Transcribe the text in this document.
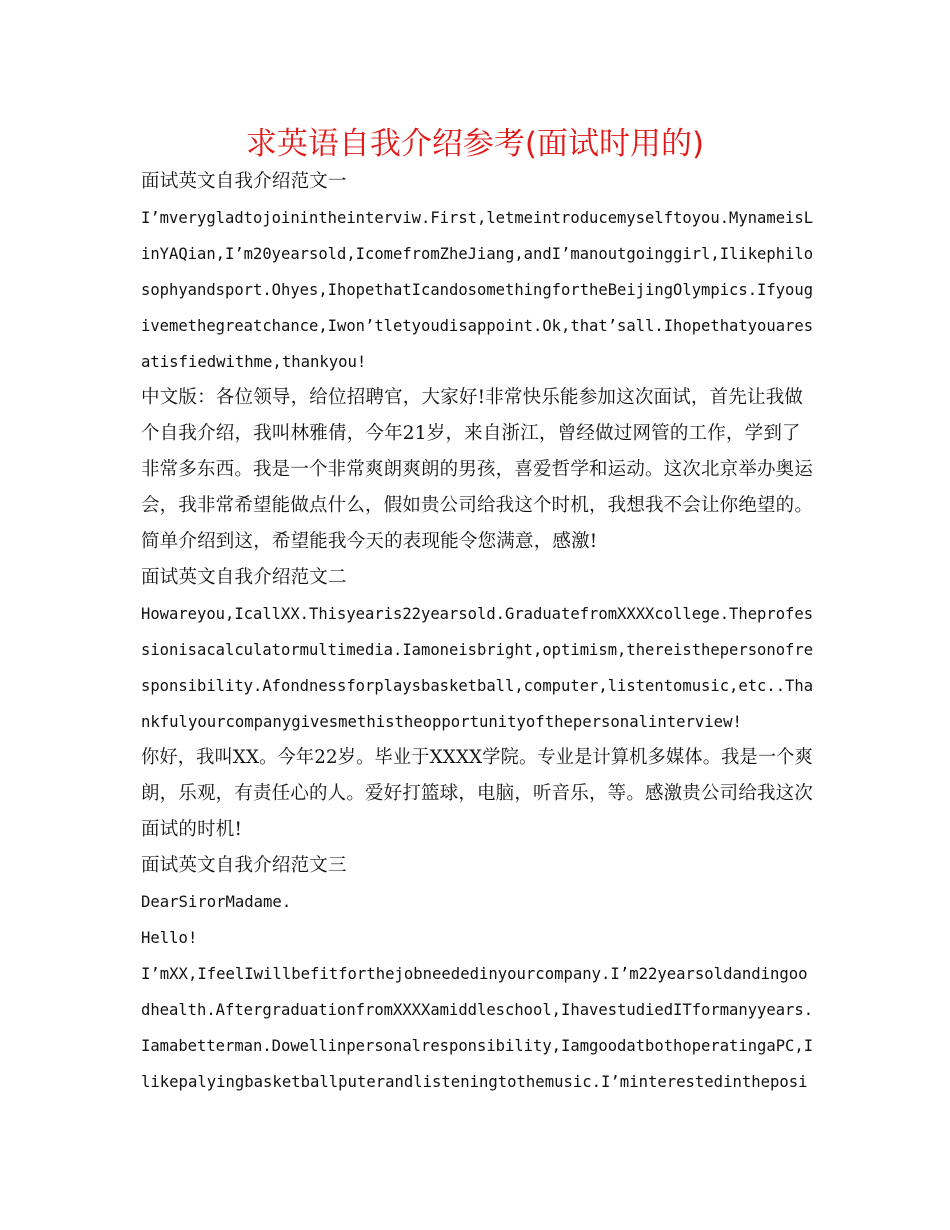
求英语自我介绍参考(面试时用的)
面试英文自我介绍范文一
I’mverygladtojoinintheinterviw.First,letmeintroducemyselftoyou.MynameisL
inYAQian,I’m20yearsold,IcomefromZheJiang,andI’manoutgoinggirl,Ilikephilo
sophyandsport.Ohyes,IhopethatIcandosomethingfortheBeijingOlympics.Ifyoug
ivemethegreatchance,Iwon’tletyoudisappoint.Ok,that’sall.Ihopethatyouares
atisfiedwithme,thankyou!
中文版：各位领导，给位招聘官，大家好!非常快乐能参加这次面试，首先让我做
个自我介绍，我叫林雅倩，今年21岁，来自浙江，曾经做过网管的工作，学到了
非常多东西。我是一个非常爽朗爽朗的男孩，喜爱哲学和运动。这次北京举办奥运
会，我非常希望能做点什么，假如贵公司给我这个时机，我想我不会让你绝望的。
简单介绍到这，希望能我今天的表现能令您满意，感激!
面试英文自我介绍范文二
Howareyou,IcallXX.Thisyearis22yearsold.GraduatefromXXXXcollege.Theprofes
sionisacalculatormultimedia.Iamoneisbright,optimism,thereisthepersonofre
sponsibility.Afondnessforplaysbasketball,computer,listentomusic,etc..Tha
nkfulyourcompanygivesmethistheopportunityofthepersonalinterview!
你好，我叫XX。今年22岁。毕业于XXXX学院。专业是计算机多媒体。我是一个爽
朗，乐观，有责任心的人。爱好打篮球，电脑，听音乐，等。感激贵公司给我这次
面试的时机!
面试英文自我介绍范文三
DearSirorMadame.
Hello!
I’mXX,IfeelIwillbefitforthejobneededinyourcompany.I’m22yearsoldandingoo
dhealth.AftergraduationfromXXXXamiddleschool,IhavestudiedITformanyyears.
Iamabetterman.Dowellinpersonalresponsibility,IamgoodatbothoperatingaPC,I
likepalyingbasketballputerandlisteningtothemusic.I’minterestedintheposi
